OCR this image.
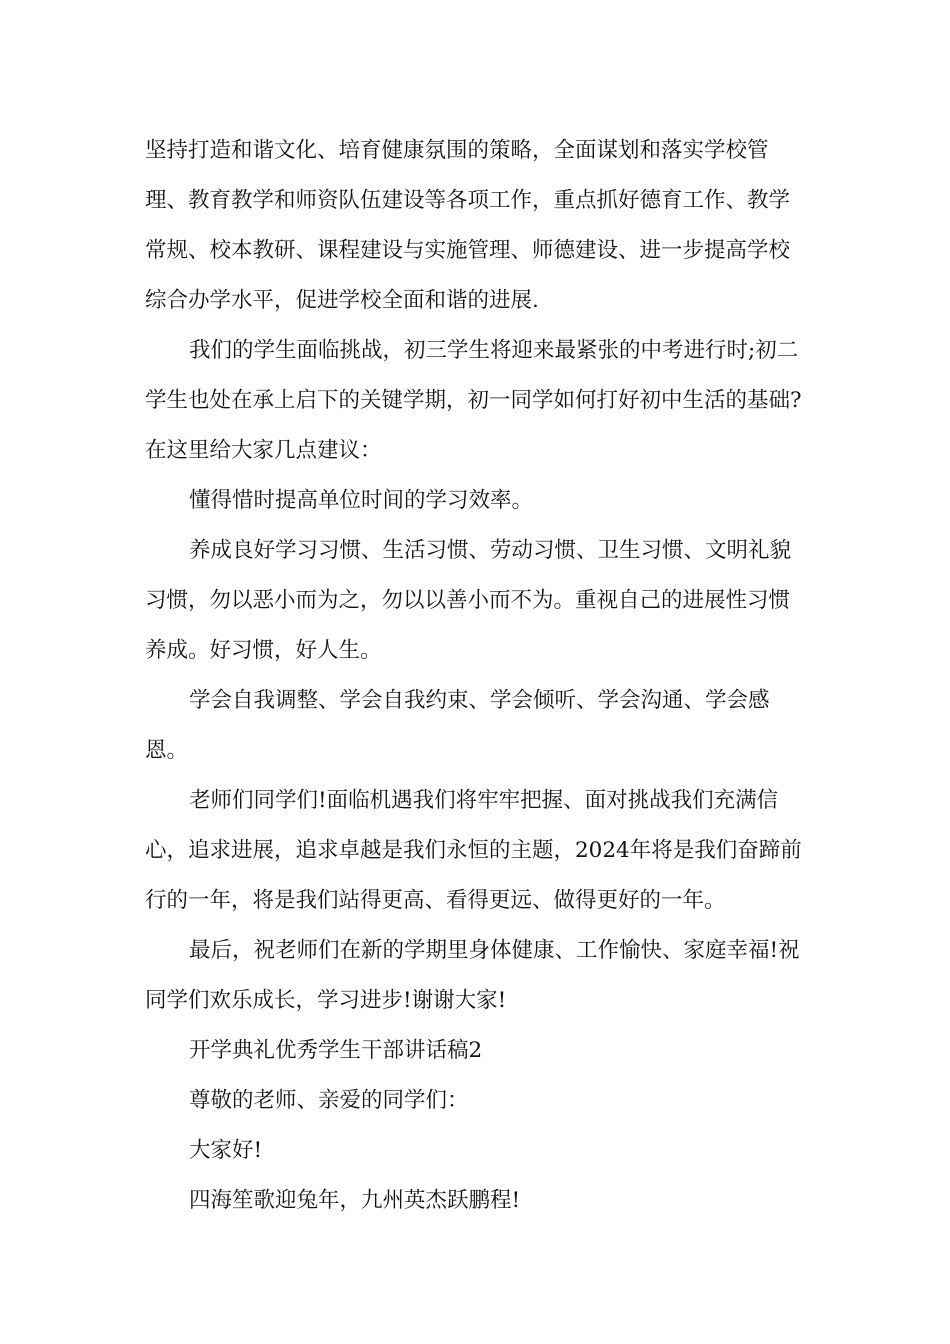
坚持打造和谐文化、培育健康氛围的策略，全面谋划和落实学校管理、教育教学和师资队伍建设等各项工作，重点抓好德育工作、教学常规、校本教研、课程建设与实施管理、师德建设、进一步提高学校综合办学水平，促进学校全面和谐的进展.

我们的学生面临挑战，初三学生将迎来最紧张的中考进行时;初二学生也处在承上启下的关键学期，初一同学如何打好初中生活的基础?在这里给大家几点建议：

懂得惜时提高单位时间的学习效率。

养成良好学习习惯、生活习惯、劳动习惯、卫生习惯、文明礼貌习惯，勿以恶小而为之，勿以以善小而不为。重视自己的进展性习惯养成。好习惯，好人生。

学会自我调整、学会自我约束、学会倾听、学会沟通、学会感恩。

老师们同学们!面临机遇我们将牢牢把握、面对挑战我们充满信心，追求进展，追求卓越是我们永恒的主题，2024年将是我们奋蹄前行的一年，将是我们站得更高、看得更远、做得更好的一年。

最后，祝老师们在新的学期里身体健康、工作愉快、家庭幸福!祝同学们欢乐成长，学习进步!谢谢大家!

开学典礼优秀学生干部讲话稿2

尊敬的老师、亲爱的同学们：

大家好!

四海笙歌迎兔年，九州英杰跃鹏程!
